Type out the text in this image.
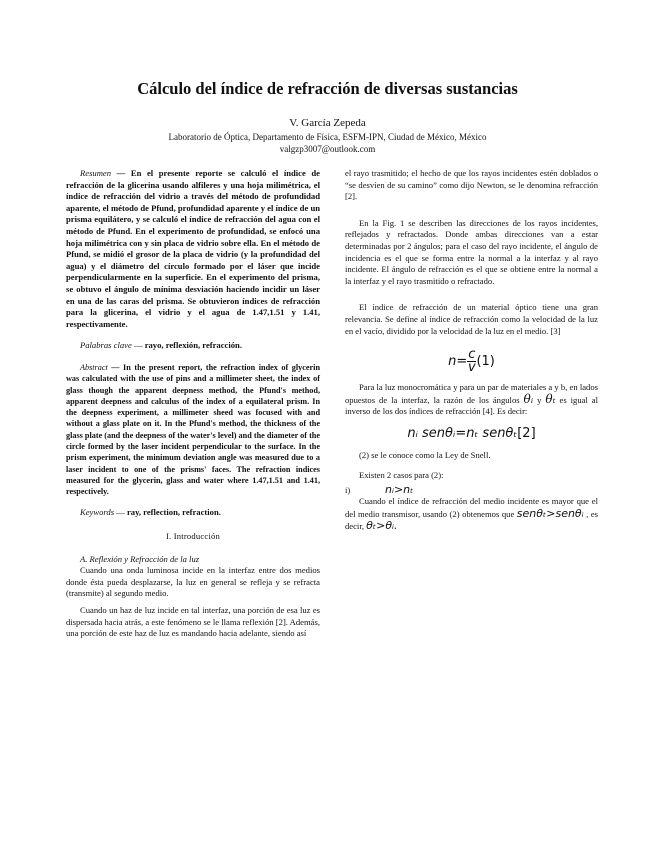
Cálculo del índice de refracción de diversas sustancias
V. García Zepeda
Laboratorio de Óptica, Departamento de Física, ESFM-IPN, Ciudad de México, México
valgzp3007@outlook.com

Resumen — En el presente reporte se calculó el índice de refracción de la glicerina usando alfileres y una hoja milimétrica, el índice de refracción del vidrio a través del método de profundidad aparente, el método de Pfund, profundidad aparente y el índice de un prisma equilátero, y se calculó el índice de refracción del agua con el método de Pfund. En el experimento de profundidad, se enfocó una hoja milimétrica con y sin placa de vidrio sobre ella. En el método de Pfund, se midió el grosor de la placa de vidrio (y la profundidad del agua) y el diámetro del círculo formado por el láser que incide perpendicularmente en la superficie. En el experimento del prisma, se obtuvo el ángulo de mínima desviación haciendo incidir un láser en una de las caras del prisma. Se obtuvieron índices de refracción para la glicerina, el vidrio y el agua de 1.47,1.51 y 1.41, respectivamente.

Palabras clave — rayo, reflexión, refracción.

Abstract — In the present report, the refraction index of glycerin was calculated with the use of pins and a millimeter sheet, the index of glass though the apparent deepness method, the Pfund's method, apparent deepness and calculus of the index of a equilateral prism. In the deepness experiment, a millimeter sheed was focused with and without a glass plate on it. In the Pfund's method, the thickness of the glass plate (and the deepness of the water's level) and the diameter of the circle formed by the laser incident perpendicular to the surface. In the prism experiment, the minimum deviation angle was measured due to a laser incident to one of the prisms' faces. The refraction indices measured for the glycerin, glass and water where 1.47,1.51 and 1.41, respectively.

Keywords — ray, reflection, refraction.

I. Introducción
A. Reflexión y Refracción de la luz

Cuando una onda luminosa incide en la interfaz entre dos medios donde ésta pueda desplazarse, la luz en general se refleja y se refracta (transmite) al segundo medio.

Cuando un haz de luz incide en tal interfaz, una porción de esa luz es dispersada hacia atrás, a este fenómeno se le llama reflexión [2]. Además, una porción de este haz de luz es mandando hacia adelante, siendo así

el rayo trasmitido; el hecho de que los rayos incidentes estén doblados o “se desvíen de su camino” como dijo Newton, se le denomina refracción [2].

En la Fig. 1 se describen las direcciones de los rayos incidentes, reflejados y refractados. Donde ambas direcciones van a estar determinadas por 2 ángulos; para el caso del rayo incidente, el ángulo de incidencia es el que se forma entre la normal a la interfaz y al rayo incidente. El ángulo de refracción es el que se obtiene entre la normal a la interfaz y el rayo trasmitido o refractado.

El índice de refracción de un material óptico tiene una gran relevancia. Se define al índice de refracción como la velocidad de la luz en el vacío, dividido por la velocidad de la luz en el medio. [3]

$n= \frac{c}{v} (1)$

Para la luz monocromática y para un par de materiales a y b, en lados opuestos de la interfaz, la razón de los ángulos θᵢ y θₜ es igual al inverso de los dos índices de refracción [4]. Es decir:

nᵢ senθᵢ=nₜ senθₜ[2]

(2) se le conoce como la Ley de Snell.

Existen 2 casos para (2):

i)	nᵢ>nₜ

Cuando el índice de refracción del medio incidente es mayor que el del medio transmisor, usando (2) obtenemos que senθₜ>senθᵢ , es decir, θₜ>θᵢ.
